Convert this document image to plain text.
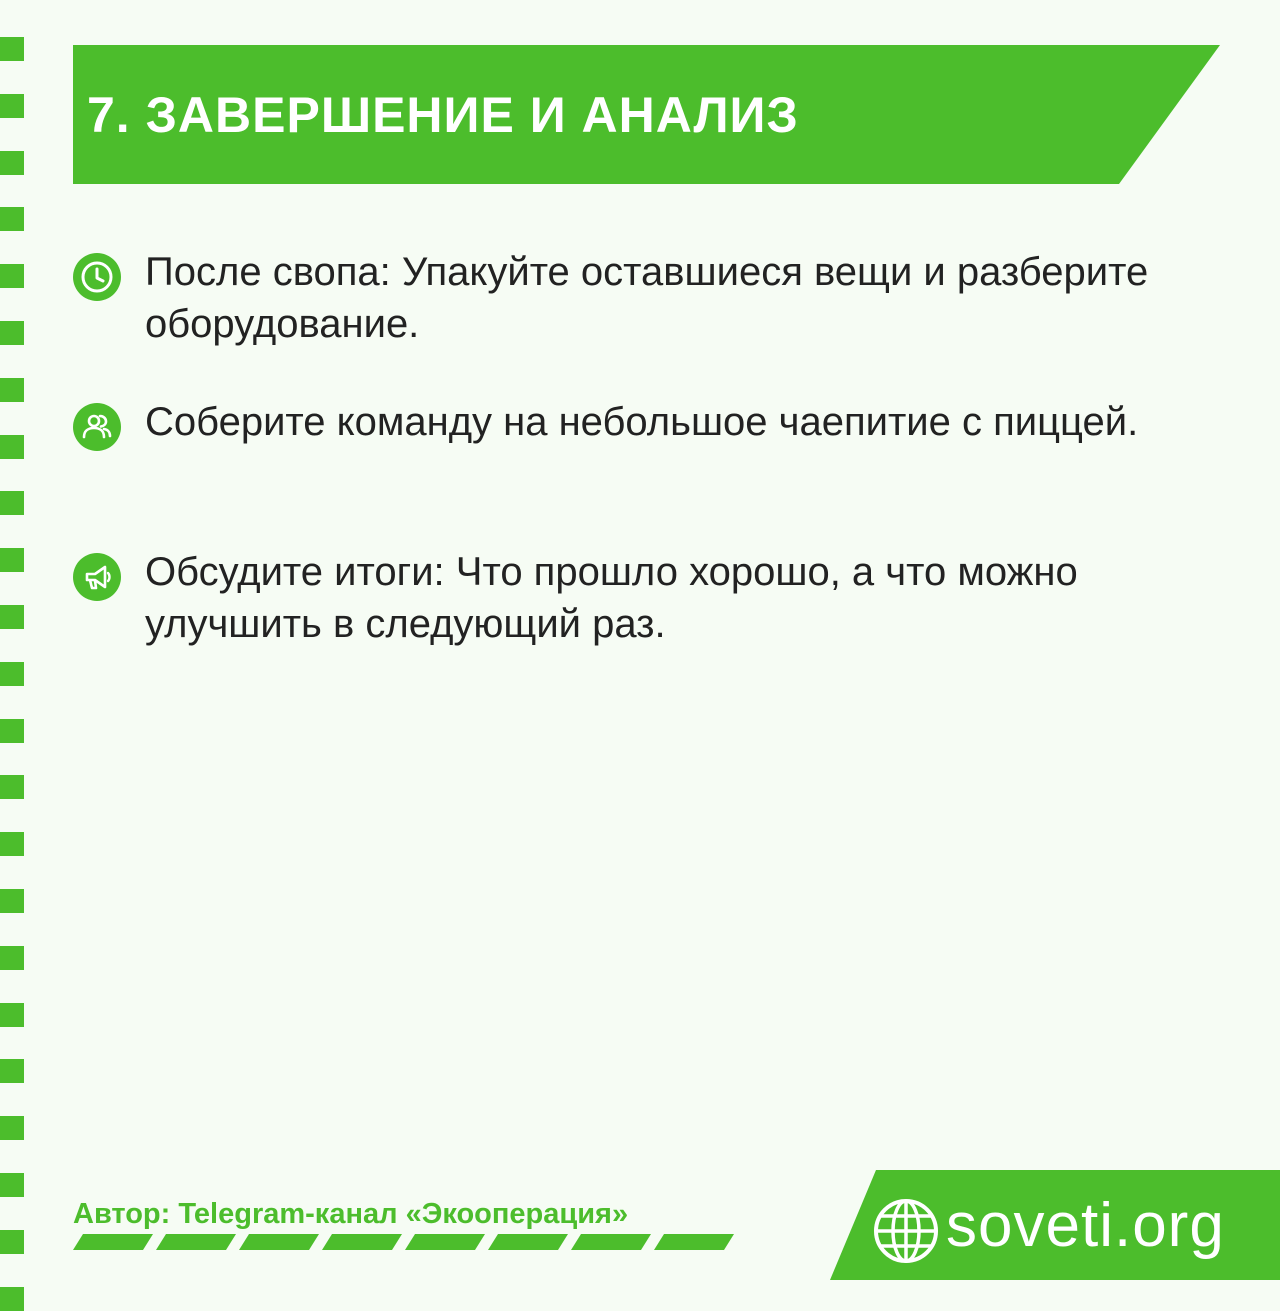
7. ЗАВЕРШЕНИЕ И АНАЛИЗ
После свопа: Упакуйте оставшиеся вещи и разберите оборудование.
Соберите команду на небольшое чаепитие с пиццей.
Обсудите итоги: Что прошло хорошо, а что можно улучшить в следующий раз.
Автор: Telegram-канал «Экооперация»	soveti.org
